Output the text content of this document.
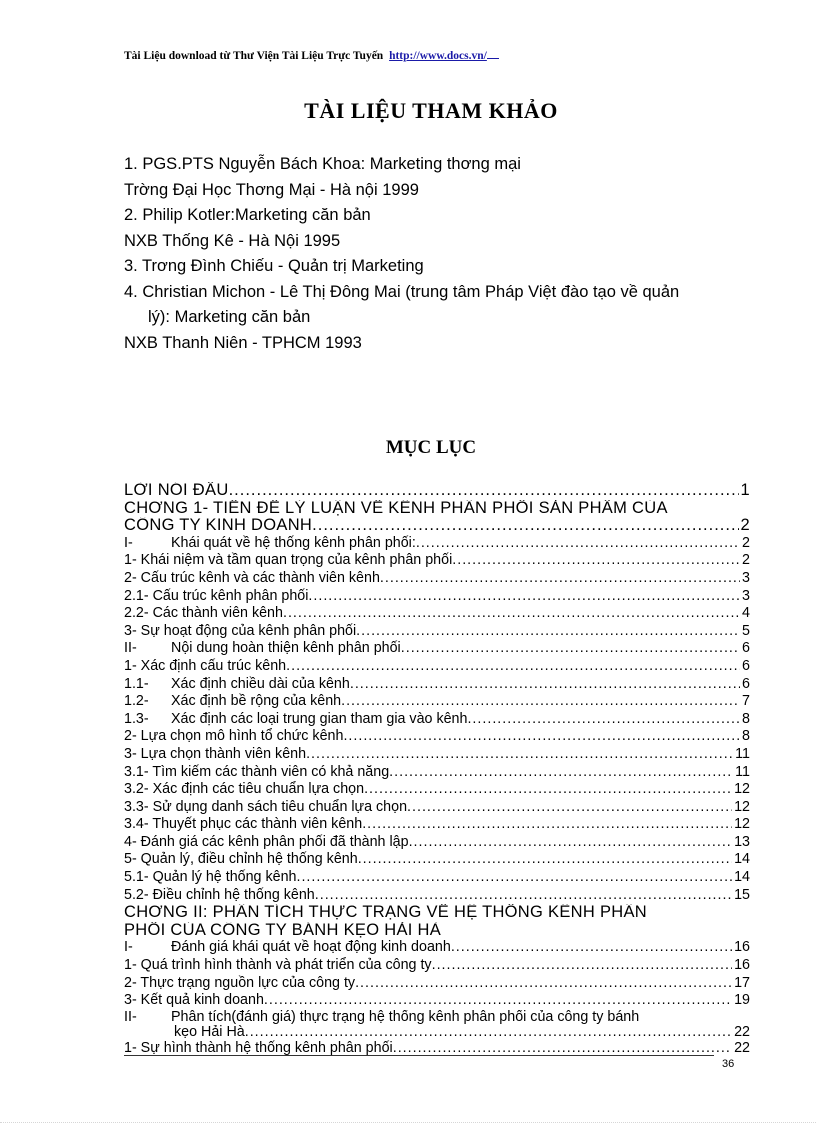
Tài Liệu download từ Thư Viện Tài Liệu Trực Tuyến http://www.docs.vn/
TÀI LIỆU THAM KHẢO
1. PGS.PTS Nguyễn Bách Khoa: Marketing thơng mại
Trờng Đại Học Thơng Mại - Hà nội 1999
2. Philip Kotler:Marketing căn bản
NXB Thống Kê - Hà Nội 1995
3. Trơng Đình Chiếu - Quản trị Marketing
4. Christian Michon - Lê Thị Đông Mai (trung tâm Pháp Việt đào tạo về quản
lý): Marketing căn bản
NXB Thanh Niên - TPHCM 1993
MỤC LỤC
LỜI NÓI ĐẦU .....	1
CHƠNG 1- TIỀN ĐỀ LÝ LUẬN VỀ KÊNH PHÂN PHỐI SẢN PHẨM CỦA
CÔNG TY KINH DOANH .....	2
I-	Khái quát về hệ thống kênh phân phối: .....	2
1- Khái niệm và tầm quan trọng của kênh phân phối .....	2
2- Cấu trúc kênh và các thành viên kênh .....	3
2.1- Cấu trúc kênh phân phối .....	3
2.2- Các thành viên kênh .....	4
3- Sự hoạt động của kênh phân phối .....	5
II- Nội dung hoàn thiện kênh phân phối .....	6
1- Xác định cấu trúc kênh .....	6
1.1- Xác định chiều dài của kênh .....	6
1.2- Xác định bề rộng của kênh .....	7
1.3- Xác định các loại trung gian tham gia vào kênh .....	8
2- Lựa chọn mô hình tổ chức kênh .....	8
3- Lựa chọn thành viên kênh .....	11
3.1- Tìm kiếm các thành viên có khả năng .....	11
3.2- Xác định các tiêu chuẩn lựa chọn .....	12
3.3- Sử dụng danh sách tiêu chuẩn lựa chọn .....	12
3.4- Thuyết phục các thành viên kênh .....	12
4- Đánh giá các kênh phân phối đã thành lập .....	13
5- Quản lý, điều chỉnh hệ thống kênh .....	14
5.1- Quản lý hệ thống kênh .....	14
5.2- Điều chỉnh hệ thống kênh .....	15
CHƠNG II: PHÂN TÍCH THỰC TRẠNG VỀ HỆ THỐNG KÊNH PHÂN
PHỐI CỦA CÔNG TY BÁNH KẸO HẢI HÀ
I-	Đánh giá khái quát về hoạt động kinh doanh .....	16
1- Quá trình hình thành và phát triển của công ty .....	16
2- Thực trạng nguồn lực của công ty .....	17
3- Kết quả kinh doanh .....	19
II- Phân tích(đánh giá) thực trạng hệ thống kênh phân phối của công ty bánh
kẹo Hải Hà .....	22
1- Sự hình thành hệ thống kênh phân phối .....	22
36
